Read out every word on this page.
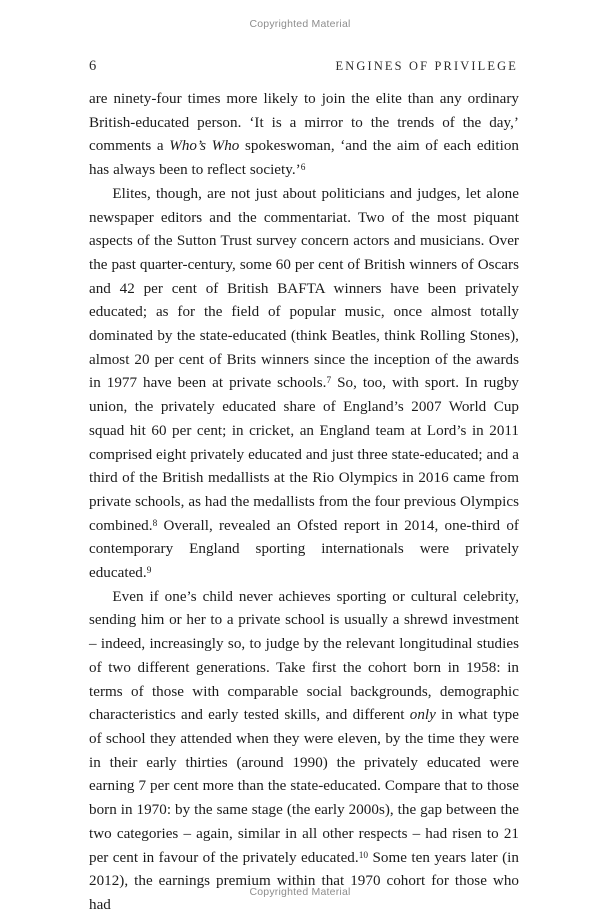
Copyrighted Material
6	ENGINES OF PRIVILEGE

are ninety-four times more likely to join the elite than any ordinary British-educated person. ‘It is a mirror to the trends of the day,’ comments a Who’s Who spokeswoman, ‘and the aim of each edition has always been to reflect society.’$^6$

Elites, though, are not just about politicians and judges, let alone newspaper editors and the commentariat. Two of the most piquant aspects of the Sutton Trust survey concern actors and musicians. Over the past quarter-century, some 60 per cent of British winners of Oscars and 42 per cent of British BAFTA winners have been privately educated; as for the field of popular music, once almost totally dominated by the state-educated (think Beatles, think Rolling Stones), almost 20 per cent of Brits winners since the inception of the awards in 1977 have been at private schools.$^7$ So, too, with sport. In rugby union, the privately educated share of England’s 2007 World Cup squad hit 60 per cent; in cricket, an England team at Lord’s in 2011 comprised eight privately educated and just three state-educated; and a third of the British medallists at the Rio Olympics in 2016 came from private schools, as had the medallists from the four previous Olympics combined.$^8$ Overall, revealed an Ofsted report in 2014, one-third of contemporary England sporting internationals were privately educated.$^9$

Even if one’s child never achieves sporting or cultural celebrity, sending him or her to a private school is usually a shrewd investment – indeed, increasingly so, to judge by the relevant longitudinal studies of two different generations. Take first the cohort born in 1958: in terms of those with comparable social backgrounds, demographic characteristics and early tested skills, and different only in what type of school they attended when they were eleven, by the time they were in their early thirties (around 1990) the privately educated were earning 7 per cent more than the state-educated. Compare that to those born in 1970: by the same stage (the early 2000s), the gap between the two categories – again, similar in all other respects – had risen to 21 per cent in favour of the privately educated.$^{10}$ Some ten years later (in 2012), the earnings premium within that 1970 cohort for those who had

Copyrighted Material
